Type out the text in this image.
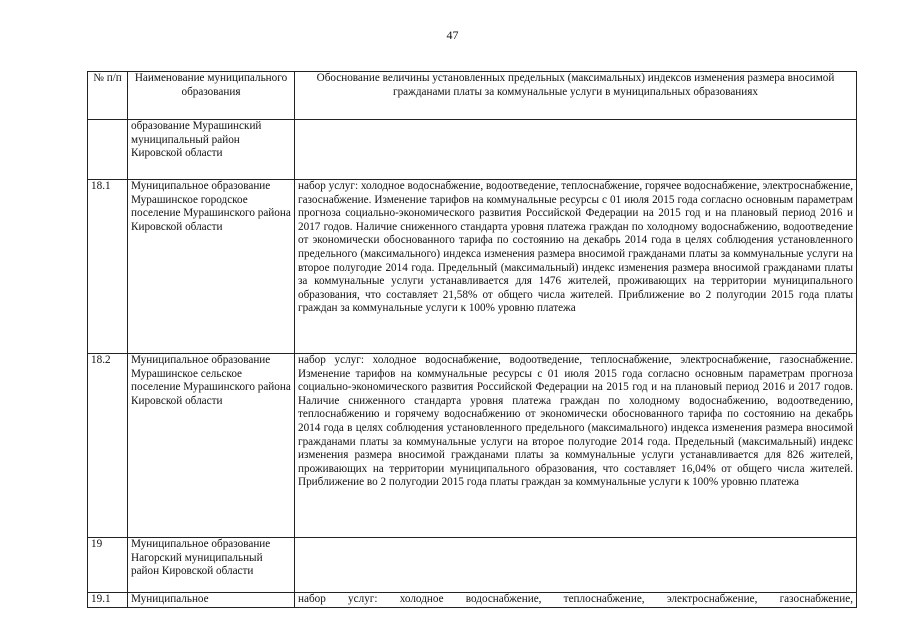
47
№ п/п	Наименование муниципального образования	Обоснование величины установленных предельных (максимальных) индексов изменения размера вносимой гражданами платы за коммунальные услуги в муниципальных образованиях
	образование Мурашинский муниципальный район Кировской области	
18.1	Муниципальное образование Мурашинское городское поселение Мурашинского района Кировской области	набор услуг: холодное водоснабжение, водоотведение, теплоснабжение, горячее водоснабжение, электроснабжение, газоснабжение. Изменение тарифов на коммунальные ресурсы с 01 июля 2015 года согласно основным параметрам прогноза социально-экономического развития Российской Федерации на 2015 год и на плановый период 2016 и 2017 годов. Наличие сниженного стандарта уровня платежа граждан по холодному водоснабжению, водоотведение от экономически обоснованного тарифа по состоянию на декабрь 2014 года в целях соблюдения установленного предельного (максимального) индекса изменения размера вносимой гражданами платы за коммунальные услуги на второе полугодие 2014 года. Предельный (максимальный) индекс изменения размера вносимой гражданами платы за коммунальные услуги устанавливается для 1476 жителей, проживающих на территории муниципального образования, что составляет 21,58% от общего числа жителей. Приближение во 2 полугодии 2015 года платы граждан за коммунальные услуги к 100% уровню платежа
18.2	Муниципальное образование Мурашинское сельское поселение Мурашинского района Кировской области	набор услуг: холодное водоснабжение, водоотведение, теплоснабжение, электроснабжение, газоснабжение. Изменение тарифов на коммунальные ресурсы с 01 июля 2015 года согласно основным параметрам прогноза социально-экономического развития Российской Федерации на 2015 год и на плановый период 2016 и 2017 годов. Наличие сниженного стандарта уровня платежа граждан по холодному водоснабжению, водоотведению, теплоснабжению и горячему водоснабжению от экономически обоснованного тарифа по состоянию на декабрь 2014 года в целях соблюдения установленного предельного (максимального) индекса изменения размера вносимой гражданами платы за коммунальные услуги на второе полугодие 2014 года. Предельный (максимальный) индекс изменения размера вносимой гражданами платы за коммунальные услуги устанавливается для 826 жителей, проживающих на территории муниципального образования, что составляет 16,04% от общего числа жителей. Приближение во 2 полугодии 2015 года платы граждан за коммунальные услуги к 100% уровню платежа
19	Муниципальное образование Нагорский муниципальный район Кировской области	
19.1	Муниципальное	набор услуг: холодное водоснабжение, теплоснабжение, электроснабжение, газоснабжение,
